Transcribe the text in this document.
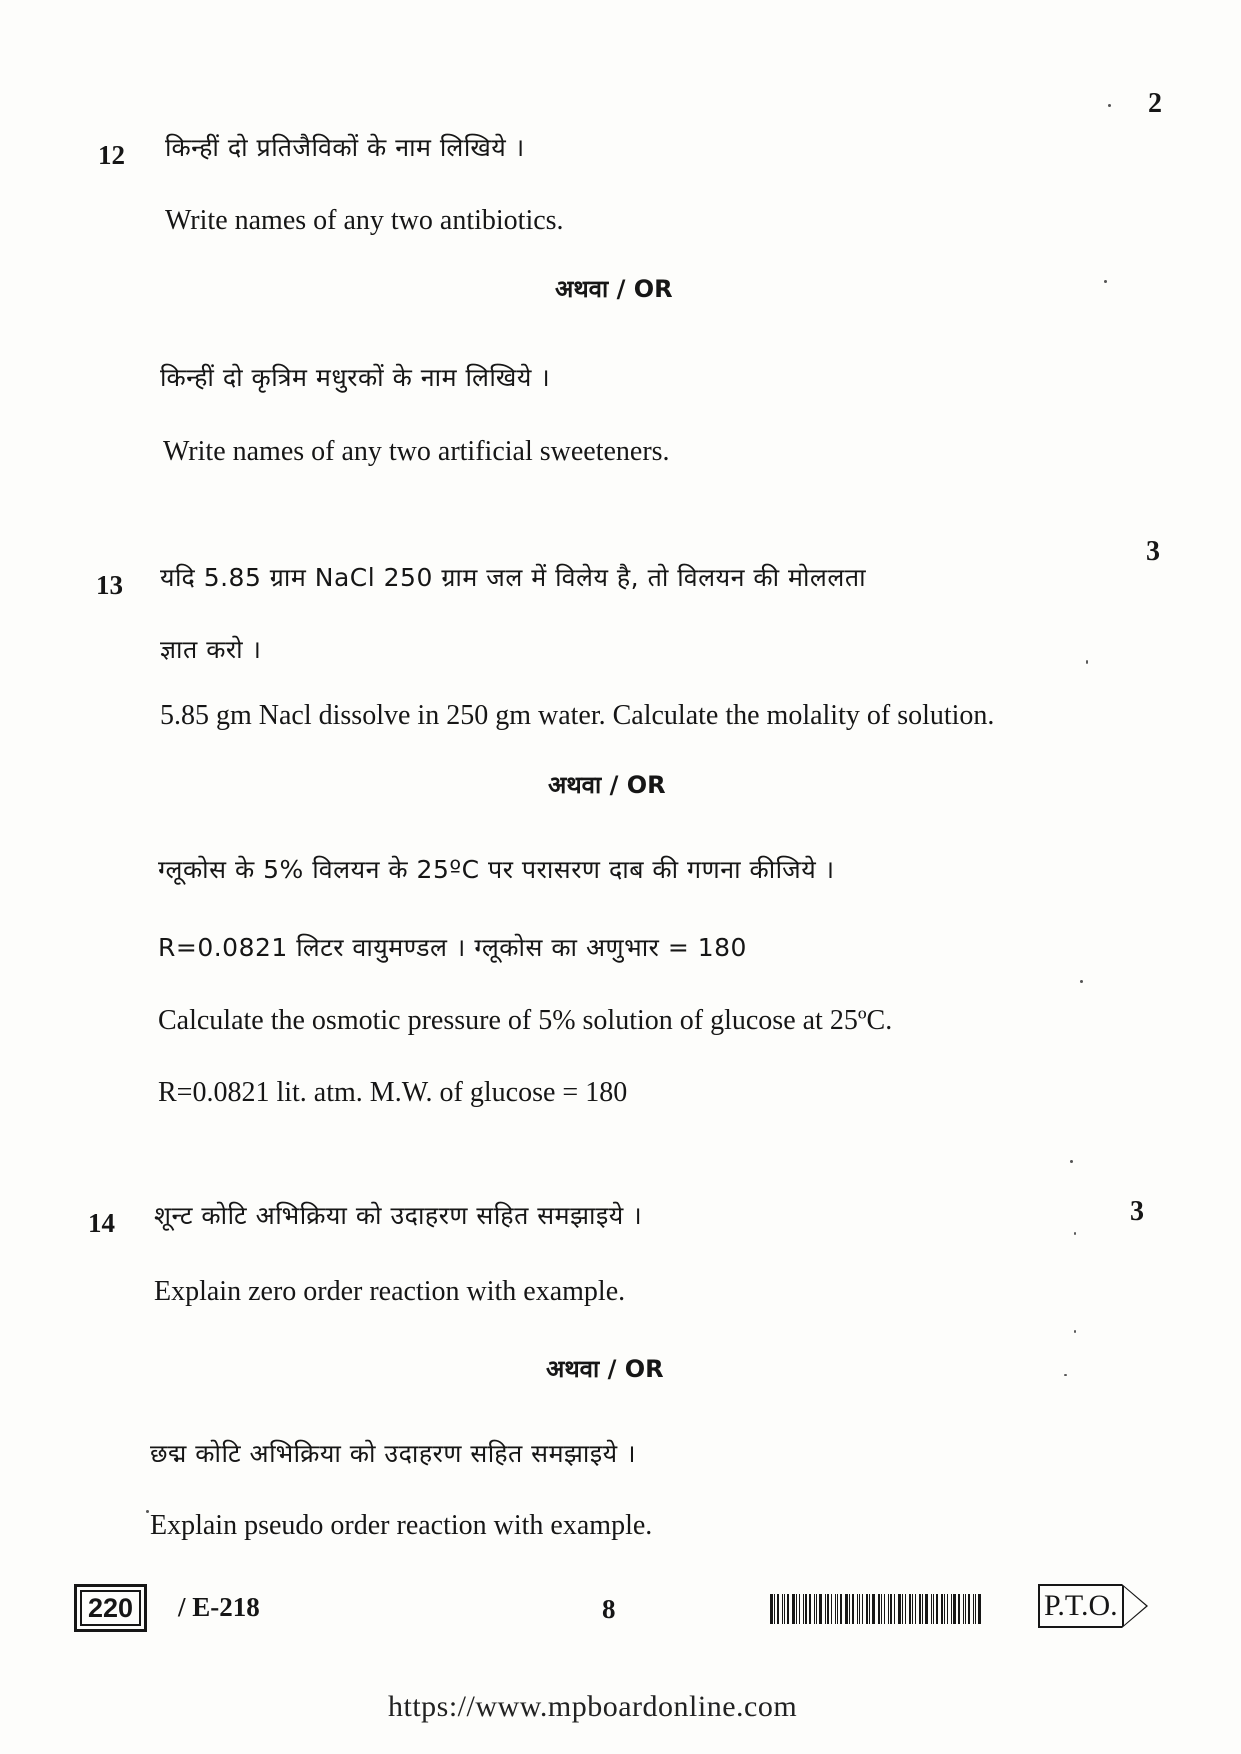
2
12 किन्हीं दो प्रतिजैविकों के नाम लिखिये ।
Write names of any two antibiotics.
अथवा / OR
किन्हीं दो कृत्रिम मधुरकों के नाम लिखिये ।
Write names of any two artificial sweeteners.
3
13 यदि 5.85 ग्राम NaCl 250 ग्राम जल में विलेय है, तो विलयन की मोललता
ज्ञात करो ।
5.85 gm Nacl dissolve in 250 gm water. Calculate the molality of solution.
अथवा / OR
ग्लूकोस के 5% विलयन के 25ºC पर परासरण दाब की गणना कीजिये ।
R=0.0821 लिटर वायुमण्डल । ग्लूकोस का अणुभार = 180
Calculate the osmotic pressure of 5% solution of glucose at 25ºC.
R=0.0821 lit. atm. M.W. of glucose = 180
3
14 शून्ट कोटि अभिक्रिया को उदाहरण सहित समझाइये ।
Explain zero order reaction with example.
अथवा / OR
छद्म कोटि अभिक्रिया को उदाहरण सहित समझाइये ।
Explain pseudo order reaction with example.
220	/ E-218	8	P.T.O.
https://www.mpboardonline.com
